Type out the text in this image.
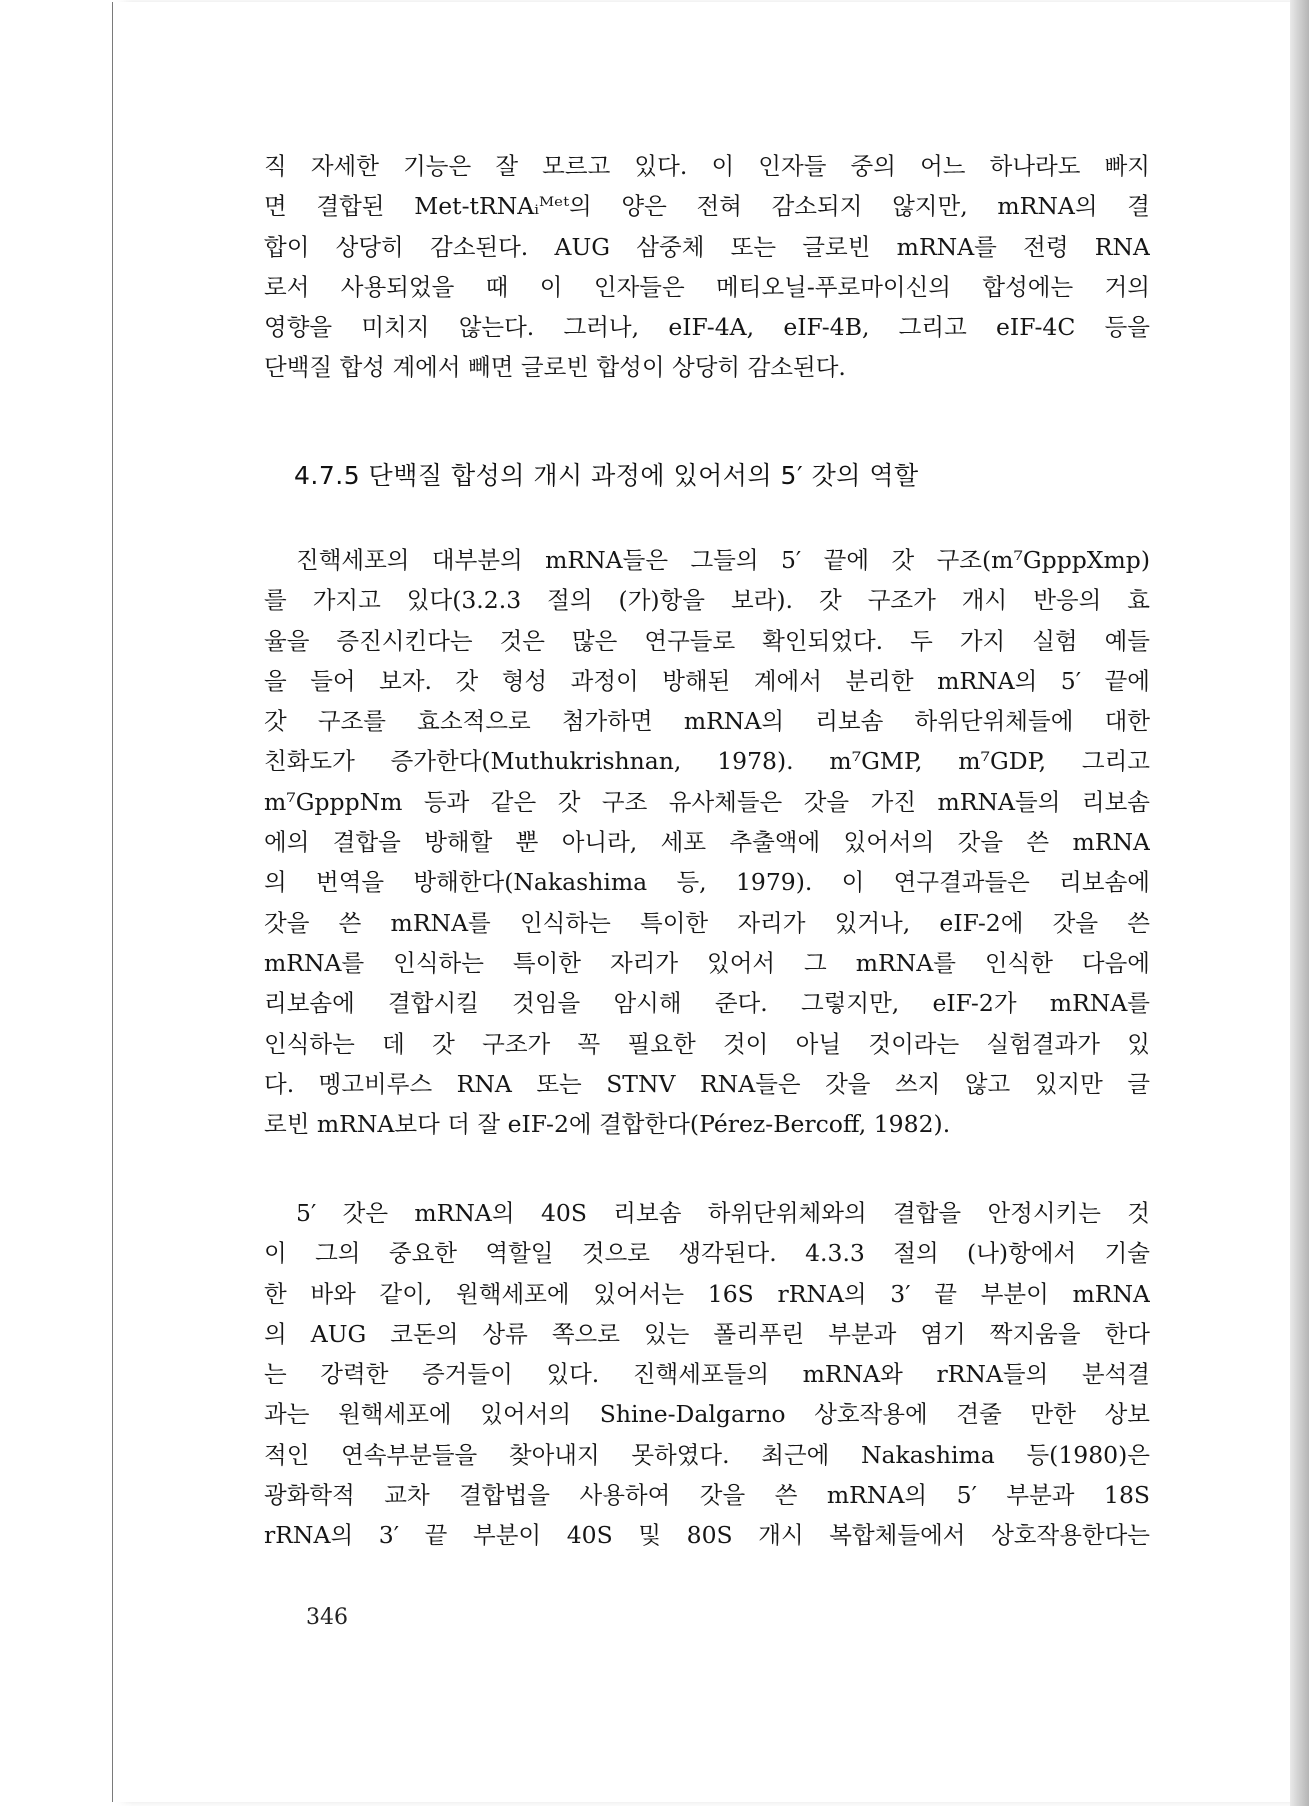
직 자세한 기능은 잘 모르고 있다. 이 인자들 중의 어느 하나라도 빠지
면 결합된 Met-tRNAᵢᴹᵉᵗ의 양은 전혀 감소되지 않지만, mRNA의 결
합이 상당히 감소된다. AUG 삼중체 또는 글로빈 mRNA를 전령 RNA
로서 사용되었을 때 이 인자들은 메티오닐-푸로마이신의 합성에는 거의
영향을 미치지 않는다. 그러나, eIF-4A, eIF-4B, 그리고 eIF-4C 등을
단백질 합성 계에서 빼면 글로빈 합성이 상당히 감소된다.
4.7.5 단백질 합성의 개시 과정에 있어서의 5′ 갓의 역할
진핵세포의 대부분의 mRNA들은 그들의 5′ 끝에 갓 구조(m⁷GpppXmp)
를 가지고 있다(3.2.3 절의 (가)항을 보라). 갓 구조가 개시 반응의 효
율을 증진시킨다는 것은 많은 연구들로 확인되었다. 두 가지 실험 예들
을 들어 보자. 갓 형성 과정이 방해된 계에서 분리한 mRNA의 5′ 끝에
갓 구조를 효소적으로 첨가하면 mRNA의 리보솜 하위단위체들에 대한
친화도가 증가한다(Muthukrishnan, 1978). m⁷GMP, m⁷GDP, 그리고
m⁷GpppNm 등과 같은 갓 구조 유사체들은 갓을 가진 mRNA들의 리보솜
에의 결합을 방해할 뿐 아니라, 세포 추출액에 있어서의 갓을 쓴 mRNA
의 번역을 방해한다(Nakashima 등, 1979). 이 연구결과들은 리보솜에
갓을 쓴 mRNA를 인식하는 특이한 자리가 있거나, eIF-2에 갓을 쓴
mRNA를 인식하는 특이한 자리가 있어서 그 mRNA를 인식한 다음에
리보솜에 결합시킬 것임을 암시해 준다. 그렇지만, eIF-2가 mRNA를
인식하는 데 갓 구조가 꼭 필요한 것이 아닐 것이라는 실험결과가 있
다. 멩고비루스 RNA 또는 STNV RNA들은 갓을 쓰지 않고 있지만 글
로빈 mRNA보다 더 잘 eIF-2에 결합한다(Pérez-Bercoff, 1982).
5′ 갓은 mRNA의 40S 리보솜 하위단위체와의 결합을 안정시키는 것
이 그의 중요한 역할일 것으로 생각된다. 4.3.3 절의 (나)항에서 기술
한 바와 같이, 원핵세포에 있어서는 16S rRNA의 3′ 끝 부분이 mRNA
의 AUG 코돈의 상류 쪽으로 있는 폴리푸린 부분과 염기 짝지움을 한다
는 강력한 증거들이 있다. 진핵세포들의 mRNA와 rRNA들의 분석결
과는 원핵세포에 있어서의 Shine-Dalgarno 상호작용에 견줄 만한 상보
적인 연속부분들을 찾아내지 못하였다. 최근에 Nakashima 등(1980)은
광화학적 교차 결합법을 사용하여 갓을 쓴 mRNA의 5′ 부분과 18S
rRNA의 3′ 끝 부분이 40S 및 80S 개시 복합체들에서 상호작용한다는
346
